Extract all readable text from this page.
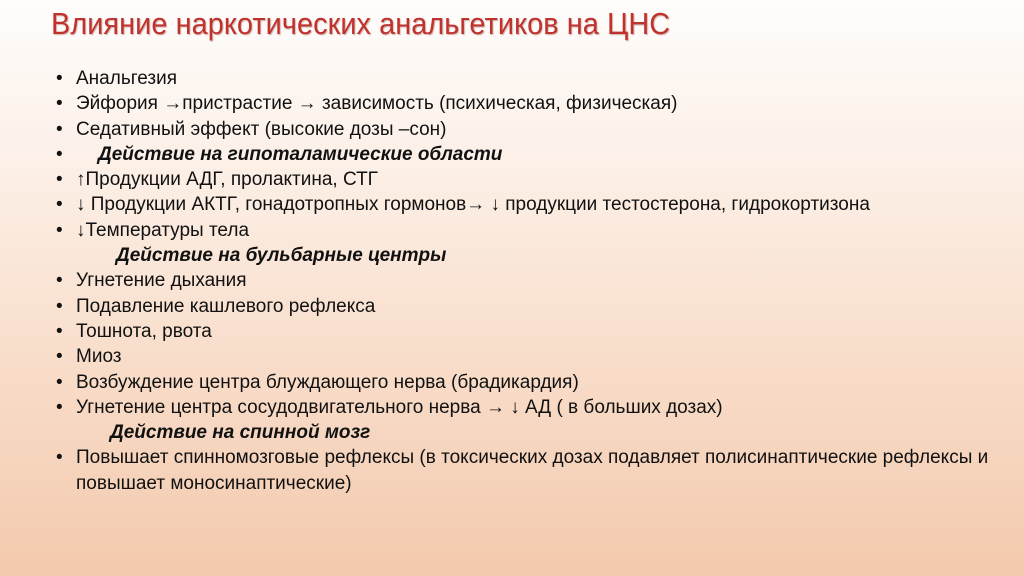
Влияние наркотических анальгетиков на ЦНС
• Анальгезия
• Эйфория →пристрастие → зависимость (психическая, физическая)
• Седативный эффект (высокие дозы –сон)
•	Действие на гипоталамические области
• ↑Продукции АДГ, пролактина, СТГ
• ↓ Продукции АКТГ, гонадотропных гормонов→ ↓ продукции тестостерона, гидрокортизона
• ↓Температуры тела
Действие на бульбарные центры
• Угнетение дыхания
• Подавление кашлевого рефлекса
• Тошнота, рвота
• Миоз
• Возбуждение центра блуждающего нерва (брадикардия)
• Угнетение центра сосудодвигательного нерва → ↓ АД ( в больших дозах)
Действие на спинной мозг
• Повышает спинномозговые рефлексы (в токсических дозах подавляет полисинаптические рефлексы и повышает моносинаптические)
